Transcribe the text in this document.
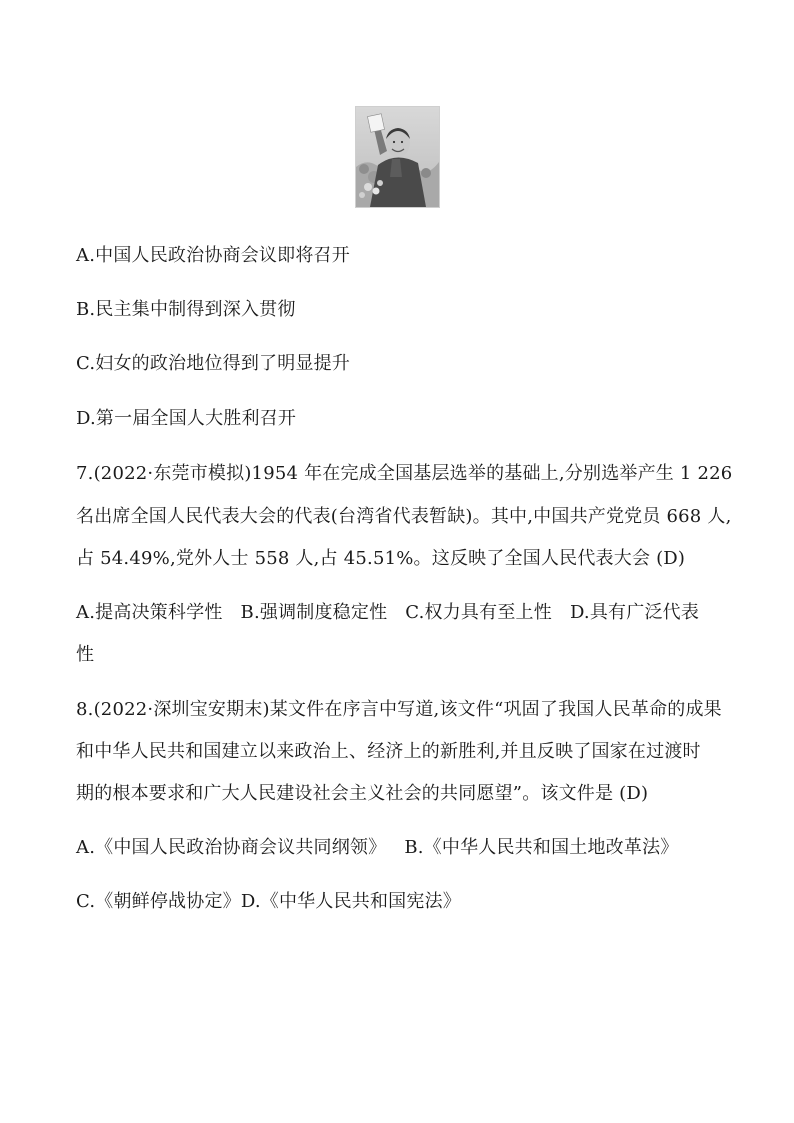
A.中国人民政治协商会议即将召开
B.民主集中制得到深入贯彻
C.妇女的政治地位得到了明显提升
D.第一届全国人大胜利召开
7.(2022·东莞市模拟)1954 年在完成全国基层选举的基础上,分别选举产生 1 226
名出席全国人民代表大会的代表(台湾省代表暂缺)。其中,中国共产党党员 668 人,
占 54.49%,党外人士 558 人,占 45.51%。这反映了全国人民代表大会 (D)
A.提高决策科学性 B.强调制度稳定性 C.权力具有至上性 D.具有广泛代表
性
8.(2022·深圳宝安期末)某文件在序言中写道,该文件“巩固了我国人民革命的成果
和中华人民共和国建立以来政治上、经济上的新胜利,并且反映了国家在过渡时
期的根本要求和广大人民建设社会主义社会的共同愿望”。该文件是 (D)
A.《中国人民政治协商会议共同纲领》 B.《中华人民共和国土地改革法》
C.《朝鲜停战协定》D.《中华人民共和国宪法》
